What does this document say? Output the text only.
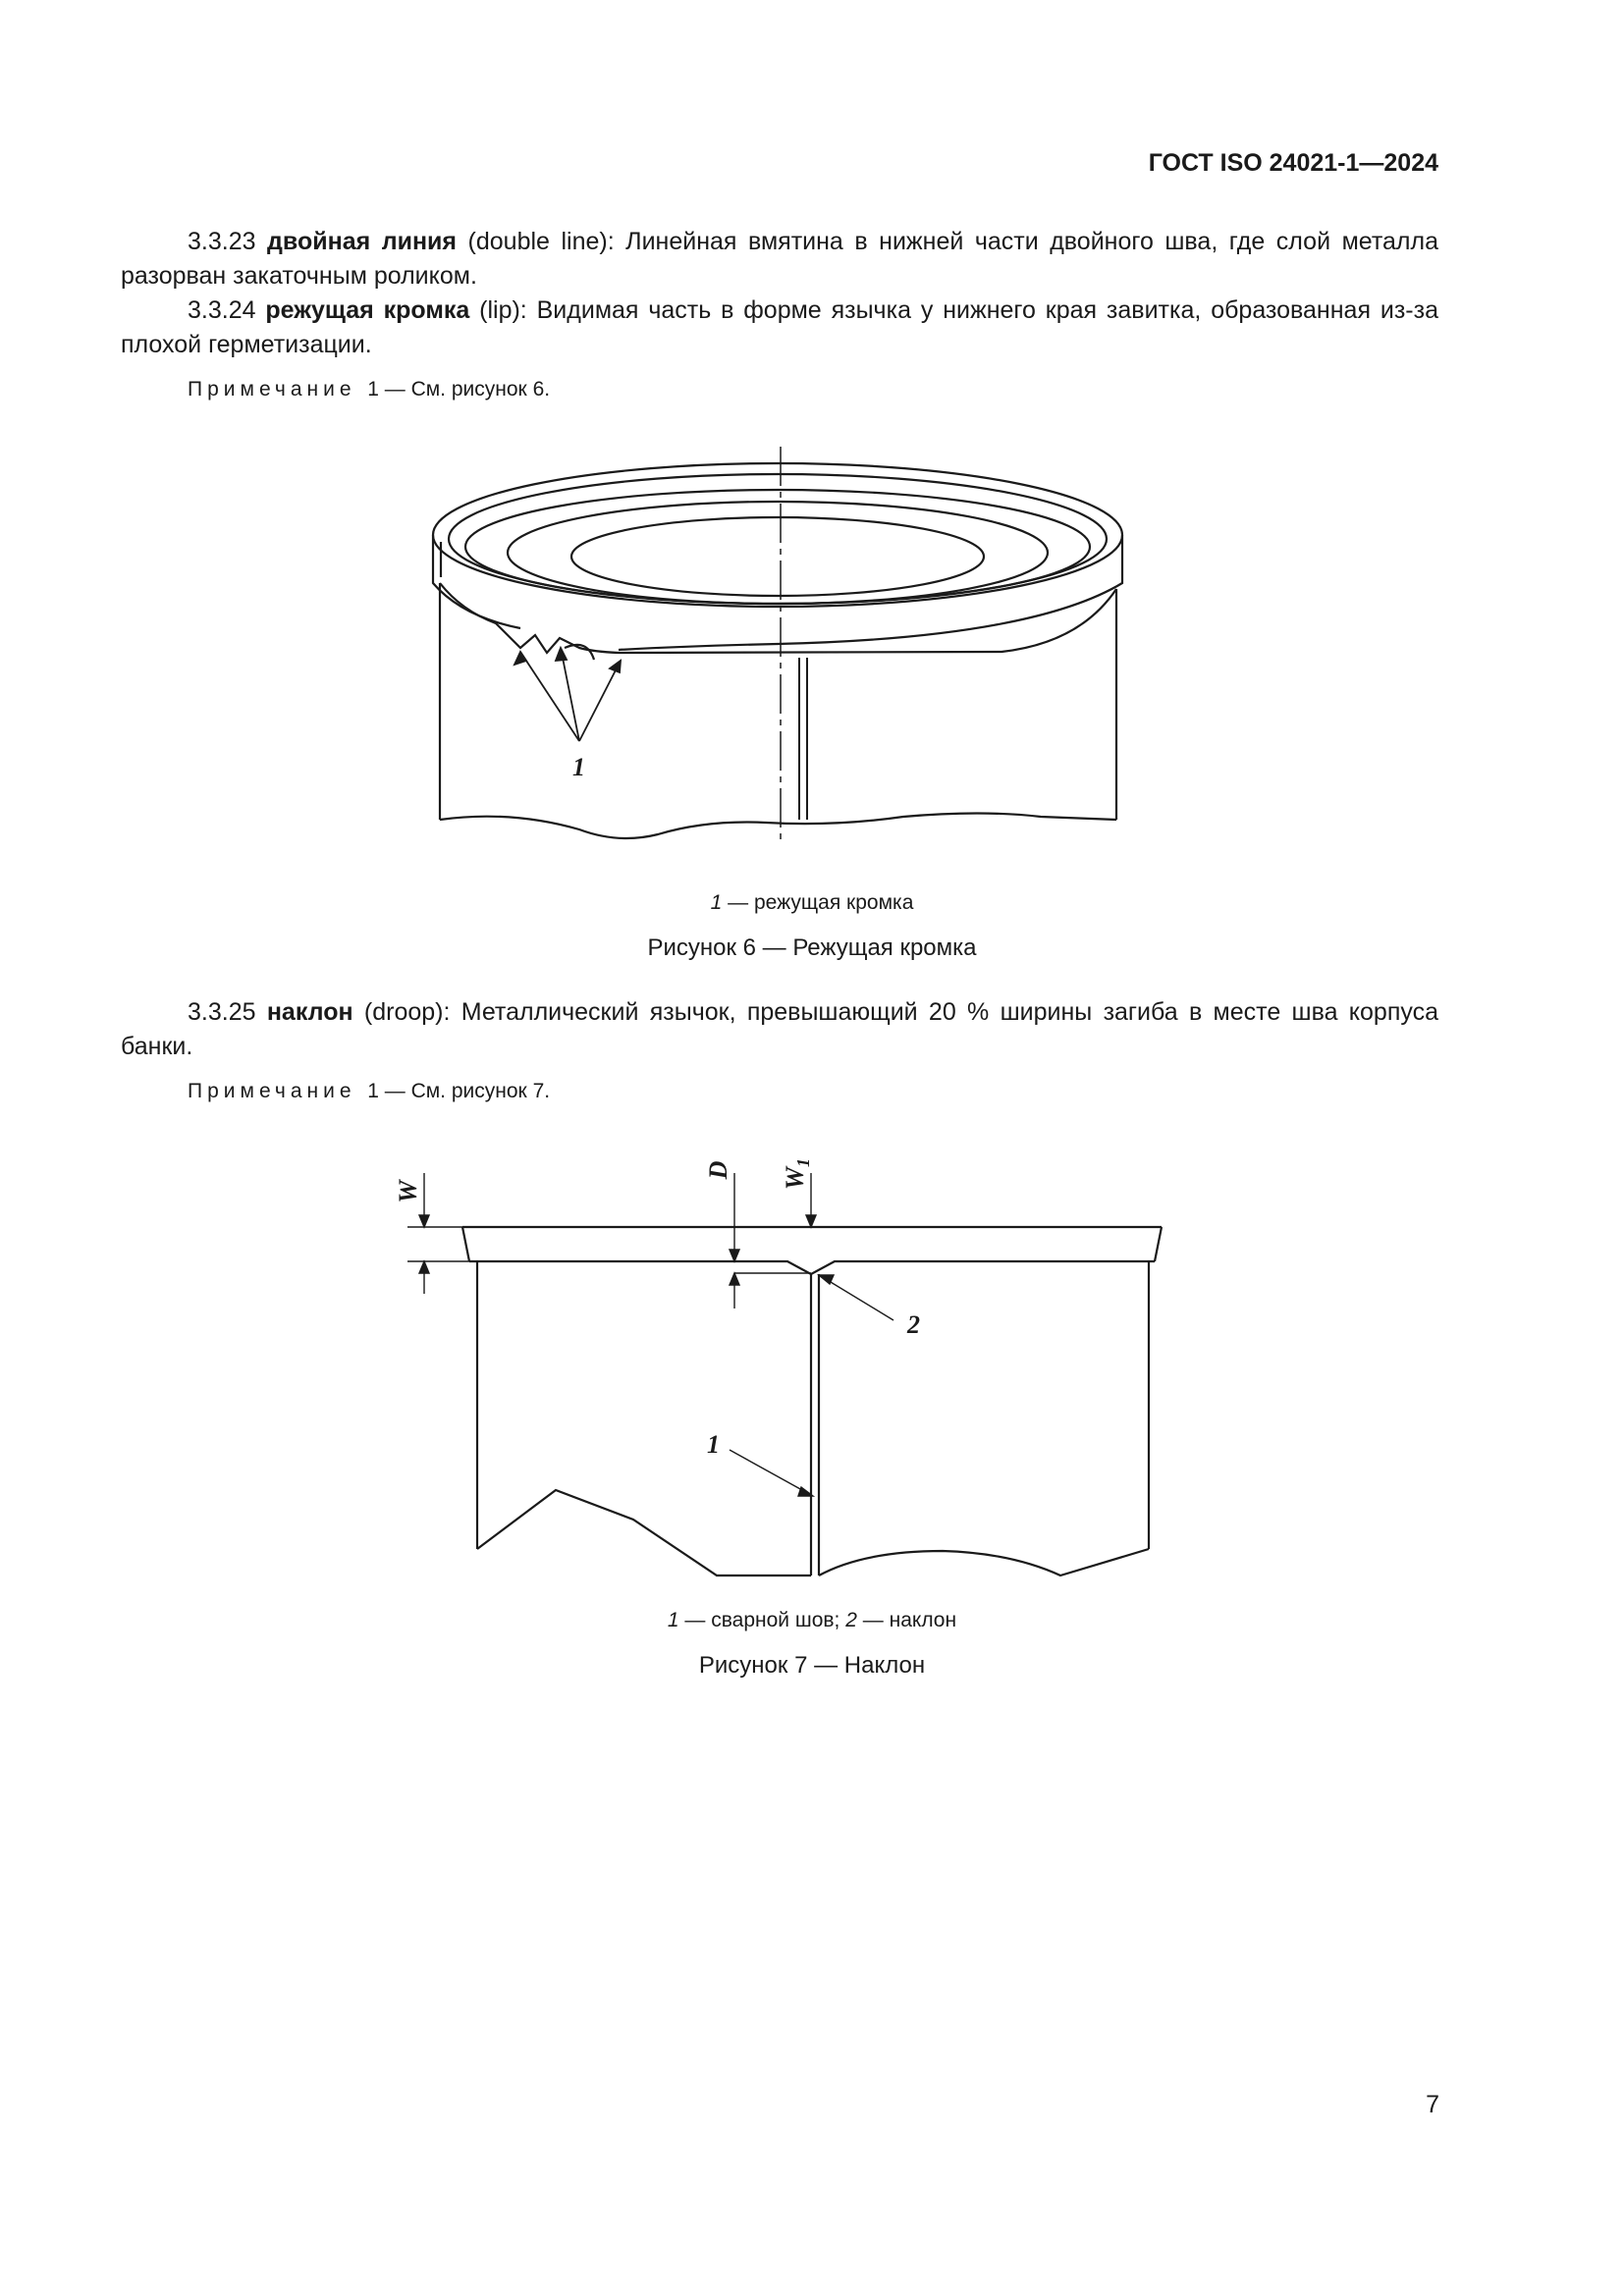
ГОСТ ISO 24021-1—2024
3.3.23 двойная линия (double line): Линейная вмятина в нижней части двойного шва, где слой металла разорван закаточным роликом.
3.3.24 режущая кромка (lip): Видимая часть в форме язычка у нижнего края завитка, образованная из-за плохой герметизации.
Примечание 1 — См. рисунок 6.
1
W
D $W_1$
2
1
1 — режущая кромка
Рисунок 6 — Режущая кромка
3.3.25 наклон (droop): Металлический язычок, превышающий 20 % ширины загиба в месте шва корпуса банки.
Примечание 1 — См. рисунок 7.
1 — сварной шов; 2 — наклон
Рисунок 7 — Наклон
7
